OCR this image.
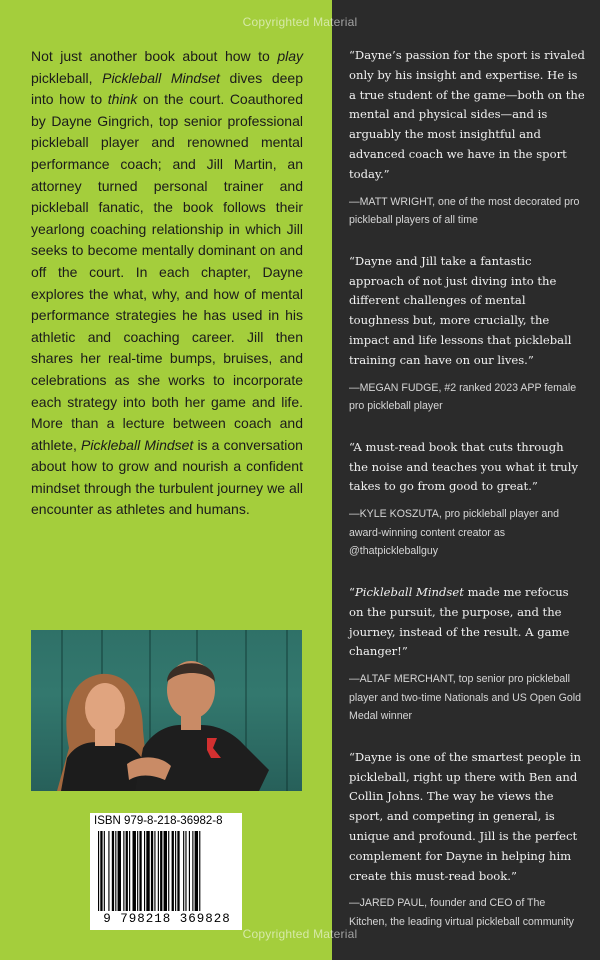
Copyrighted Material

Not just another book about how to play pickleball, Pickleball Mindset dives deep into how to think on the court. Coauthored by Dayne Gingrich, top senior professional pickleball player and renowned mental performance coach; and Jill Martin, an attorney turned personal trainer and pickleball fanatic, the book follows their yearlong coaching relationship in which Jill seeks to become mentally dominant on and off the court. In each chapter, Dayne explores the what, why, and how of mental performance strategies he has used in his athletic and coaching career. Jill then shares her real-time bumps, bruises, and celebrations as she works to incorporate each strategy into both her game and life. More than a lecture between coach and athlete, Pickleball Mindset is a conversation about how to grow and nourish a confident mindset through the turbulent journey we all encounter as athletes and humans.

ISBN 979-8-218-36982-8
9 798218 369828

“Dayne’s passion for the sport is rivaled only by his insight and expertise. He is a true student of the game—both on the mental and physical sides—and is arguably the most insightful and advanced coach we have in the sport today.”

—MATT WRIGHT, one of the most decorated pro pickleball players of all time

“Dayne and Jill take a fantastic approach of not just diving into the different challenges of mental toughness but, more crucially, the impact and life lessons that pickleball training can have on our lives.”

—MEGAN FUDGE, #2 ranked 2023 APP female pro pickleball player

“A must-read book that cuts through the noise and teaches you what it truly takes to go from good to great.”

—KYLE KOSZUTA, pro pickleball player and award-winning content creator as @thatpickleballguy

“Pickleball Mindset made me refocus on the pursuit, the purpose, and the journey, instead of the result. A game changer!”

—ALTAF MERCHANT, top senior pro pickleball player and two-time Nationals and US Open Gold Medal winner

“Dayne is one of the smartest people in pickleball, right up there with Ben and Collin Johns. The way he views the sport, and competing in general, is unique and profound. Jill is the perfect complement for Dayne in helping him create this must-read book.”

—JARED PAUL, founder and CEO of The Kitchen, the leading virtual pickleball community

Copyrighted Material
